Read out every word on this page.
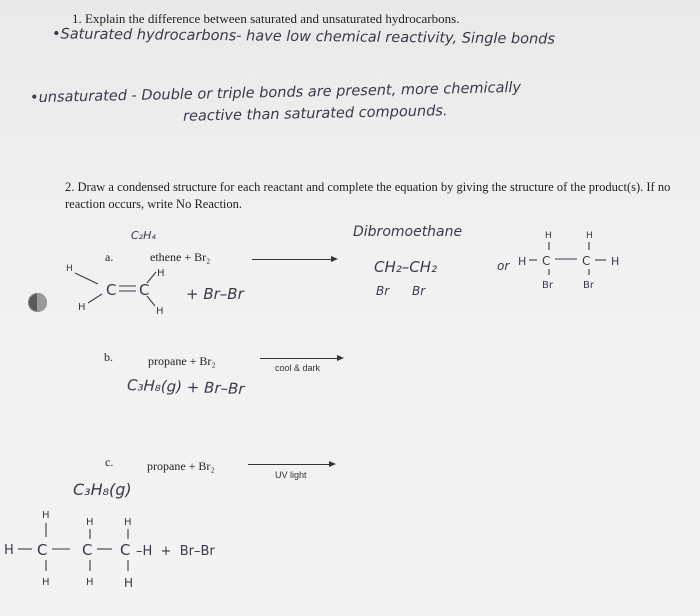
1. Explain the difference between saturated and unsaturated hydrocarbons.
•Saturated hydrocarbons- have low chemical reactivity, Single bonds
•unsaturated - Double or triple bonds are present, more chemically
reactive than saturated compounds.
2. Draw a condensed structure for each reactant and complete the equation by giving the structure of the product(s). If no reaction occurs, write No Reaction.
a.
C₂H₄
ethene + Br₂
H
H
H
H
C C + Br–Br
Dibromoethane
CH₂–CH₂
Br      Br
or
H	H
H C	C H
Br	Br
b.	propane + Br₂	cool & dark
C₃H₈(g) + Br–Br
c.	propane + Br₂
UV light
C₃H₈(g)
H
H	H
H C C C –H  +  Br–Br
H	H	H
